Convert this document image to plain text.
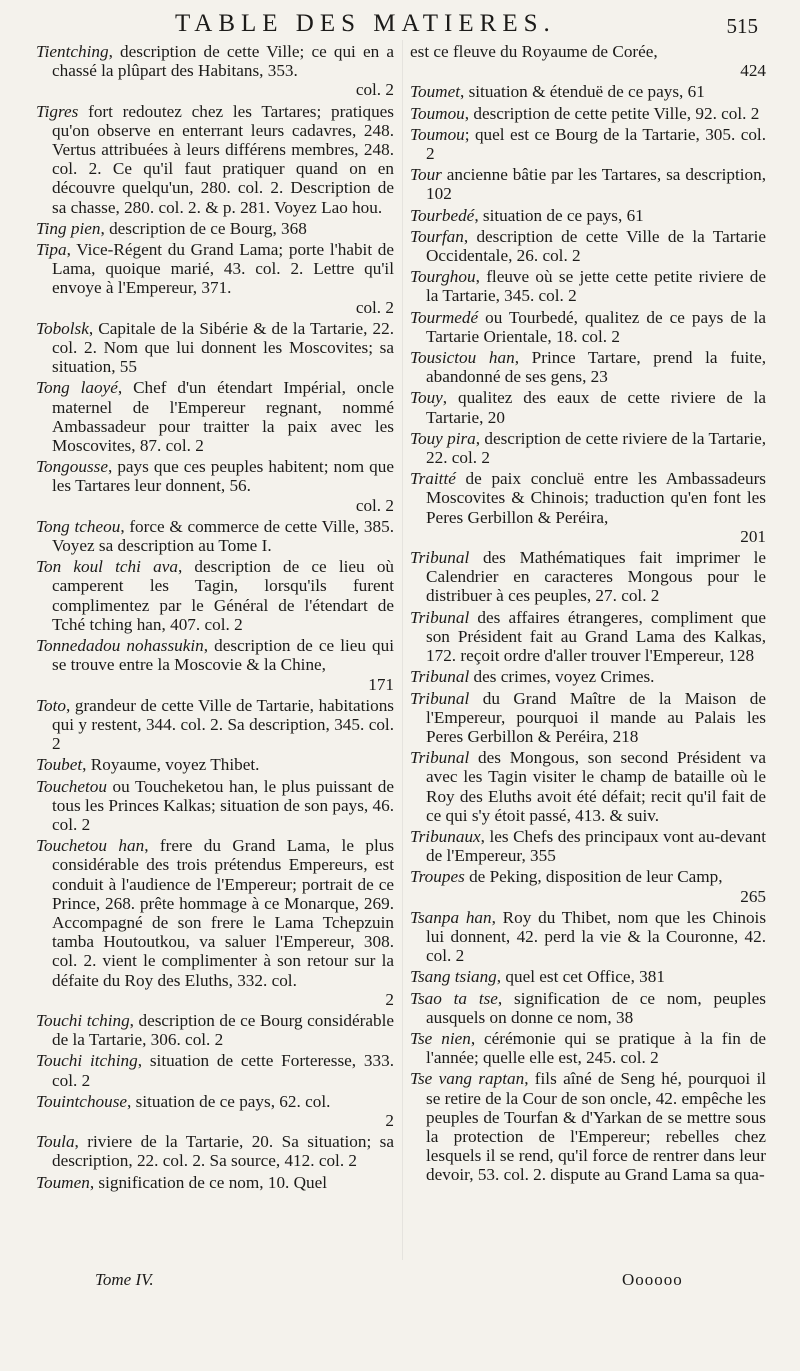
TABLE DES MATIERES.	515

Tientching, description de cette Ville; ce qui en a chassé la plûpart des Habitans, 353.
col. 2

Tigres fort redoutez chez les Tartares; pratiques qu'on observe en enterrant leurs cadavres, 248. Vertus attribuées à leurs différens membres, 248. col. 2. Ce qu'il faut pratiquer quand on en découvre quelqu'un, 280. col. 2. Description de sa chasse, 280. col. 2. & p. 281. Voyez Lao hou.

Ting pien, description de ce Bourg, 368

Tipa, Vice-Régent du Grand Lama; porte l'habit de Lama, quoique marié, 43. col. 2. Lettre qu'il envoye à l'Empereur, 371.
col. 2

Tobolsk, Capitale de la Sibérie & de la Tartarie, 22. col. 2. Nom que lui donnent les Moscovites; sa situation, 55

Tong laoyé, Chef d'un étendart Impérial, oncle maternel de l'Empereur regnant, nommé Ambassadeur pour traitter la paix avec les Moscovites, 87. col. 2

Tongousse, pays que ces peuples habitent; nom que les Tartares leur donnent, 56.
col. 2

Tong tcheou, force & commerce de cette Ville, 385. Voyez sa description au Tome I.

Ton koul tchi ava, description de ce lieu où camperent les Tagin, lorsqu'ils furent complimentez par le Général de l'étendart de Tché tching han, 407. col. 2

Tonnedadou nohassukin, description de ce lieu qui se trouve entre la Moscovie & la Chine,
171

Toto, grandeur de cette Ville de Tartarie, habitations qui y restent, 344. col. 2. Sa description, 345. col. 2

Toubet, Royaume, voyez Thibet.

Touchetou ou Toucheketou han, le plus puissant de tous les Princes Kalkas; situation de son pays, 46. col. 2

Touchetou han, frere du Grand Lama, le plus considérable des trois prétendus Empereurs, est conduit à l'audience de l'Empereur; portrait de ce Prince, 268. prête hommage à ce Monarque, 269. Accompagné de son frere le Lama Tchepzuin tamba Houtoutkou, va saluer l'Empereur, 308. col. 2. vient le complimenter à son retour sur la défaite du Roy des Eluths, 332. col.
2

Touchi tching, description de ce Bourg considérable de la Tartarie, 306. col. 2

Touchi itching, situation de cette Forteresse, 333. col. 2

Touintchouse, situation de ce pays, 62. col.
2

Toula, riviere de la Tartarie, 20. Sa situation; sa description, 22. col. 2. Sa source, 412. col. 2

Toumen, signification de ce nom, 10. Quel

est ce fleuve du Royaume de Corée,
424

Toumet, situation & étenduë de ce pays, 61

Toumou, description de cette petite Ville, 92. col. 2

Toumou; quel est ce Bourg de la Tartarie, 305. col. 2

Tour ancienne bâtie par les Tartares, sa description, 102

Tourbedé, situation de ce pays, 61

Tourfan, description de cette Ville de la Tartarie Occidentale, 26. col. 2

Tourghou, fleuve où se jette cette petite riviere de la Tartarie, 345. col. 2

Tourmedé ou Tourbedé, qualitez de ce pays de la Tartarie Orientale, 18. col. 2

Tousictou han, Prince Tartare, prend la fuite, abandonné de ses gens, 23

Touy, qualitez des eaux de cette riviere de la Tartarie, 20

Touy pira, description de cette riviere de la Tartarie, 22. col. 2

Traitté de paix concluë entre les Ambassadeurs Moscovites & Chinois; traduction qu'en font les Peres Gerbillon & Peréira,
201

Tribunal des Mathématiques fait imprimer le Calendrier en caracteres Mongous pour le distribuer à ces peuples, 27. col. 2

Tribunal des affaires étrangeres, compliment que son Président fait au Grand Lama des Kalkas, 172. reçoit ordre d'aller trouver l'Empereur, 128

Tribunal des crimes, voyez Crimes.

Tribunal du Grand Maître de la Maison de l'Empereur, pourquoi il mande au Palais les Peres Gerbillon & Peréira, 218

Tribunal des Mongous, son second Président va avec les Tagin visiter le champ de bataille où le Roy des Eluths avoit été défait; recit qu'il fait de ce qui s'y étoit passé, 413. & suiv.

Tribunaux, les Chefs des principaux vont au-devant de l'Empereur, 355

Troupes de Peking, disposition de leur Camp,
265

Tsanpa han, Roy du Thibet, nom que les Chinois lui donnent, 42. perd la vie & la Couronne, 42. col. 2

Tsang tsiang, quel est cet Office, 381

Tsao ta tse, signification de ce nom, peuples ausquels on donne ce nom, 38

Tse nien, cérémonie qui se pratique à la fin de l'année; quelle elle est, 245. col. 2

Tse vang raptan, fils aîné de Seng hé, pourquoi il se retire de la Cour de son oncle, 42. empêche les peuples de Tourfan & d'Yarkan de se mettre sous la protection de l'Empereur; rebelles chez lesquels il se rend, qu'il force de rentrer dans leur devoir, 53. col. 2. dispute au Grand Lama sa qua-

Tome IV.	Oooooo
